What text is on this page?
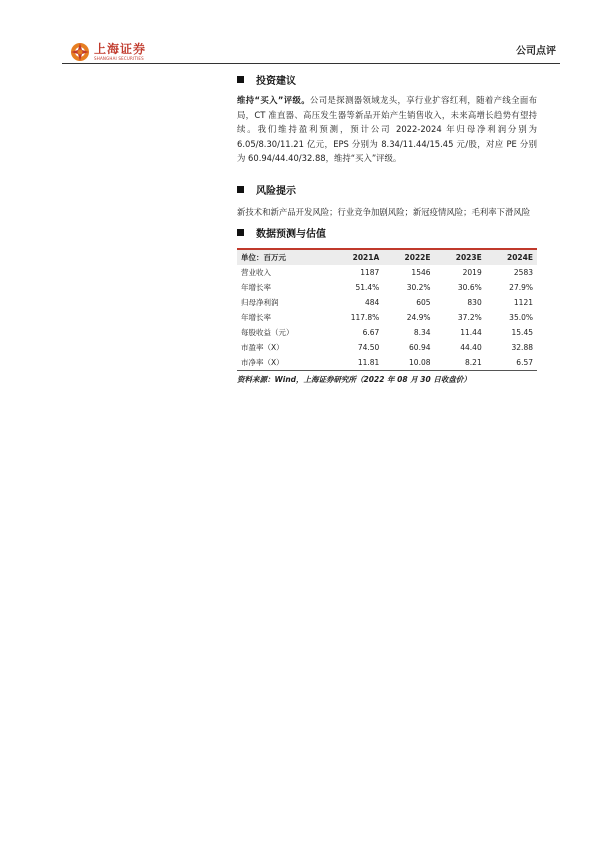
上海证券
SHANGHAI SECURITIES
公司点评
投资建议
维持“买入”评级。公司是探测器领域龙头，享行业扩容红利，随着产线全面布局，CT 准直器、高压发生器等新品开始产生销售收入，未来高增长趋势有望持续。我们维持盈利预测，预计公司 2022-2024 年归母净利润分别为 6.05/8.30/11.21 亿元，EPS 分别为 8.34/11.44/15.45 元/股，对应 PE 分别为 60.94/44.40/32.88，维持“买入”评级。
风险提示
新技术和新产品开发风险；行业竞争加剧风险；新冠疫情风险；毛利率下滑风险
数据预测与估值
单位：百万元	2021A	2022E	2023E	2024E
营业收入	1187	1546	2019	2583
年增长率	51.4%	30.2%	30.6%	27.9%
归母净利润	484	605	830	1121
年增长率	117.8%	24.9%	37.2%	35.0%
每股收益（元）	6.67	8.34	11.44	15.45
市盈率（X）	74.50	60.94	44.40	32.88
市净率（X）	11.81	10.08	8.21	6.57
资料来源：Wind，上海证券研究所（2022 年 08 月 30 日收盘价）
